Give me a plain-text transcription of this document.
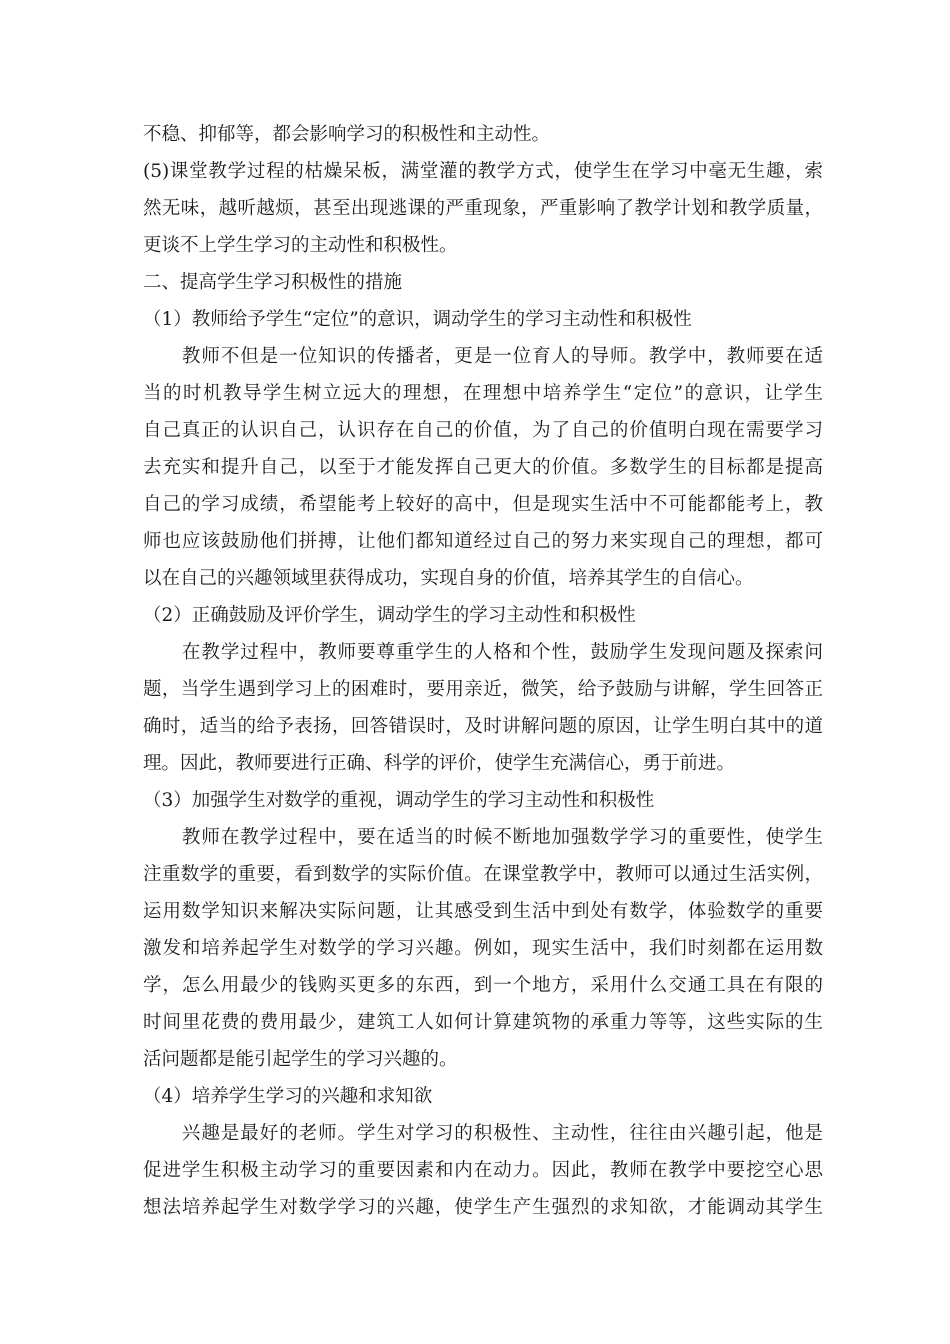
不稳、抑郁等，都会影响学习的积极性和主动性。
(5)课堂教学过程的枯燥呆板，满堂灌的教学方式，使学生在学习中毫无生趣，索
然无味，越听越烦，甚至出现逃课的严重现象，严重影响了教学计划和教学质量，
更谈不上学生学习的主动性和积极性。
二、提高学生学习积极性的措施
（1）教师给予学生“定位”的意识，调动学生的学习主动性和积极性
　　教师不但是一位知识的传播者，更是一位育人的导师。教学中，教师要在适
当的时机教导学生树立远大的理想，在理想中培养学生“定位”的意识，让学生
自己真正的认识自己，认识存在自己的价值，为了自己的价值明白现在需要学习
去充实和提升自己，以至于才能发挥自己更大的价值。多数学生的目标都是提高
自己的学习成绩，希望能考上较好的高中，但是现实生活中不可能都能考上，教
师也应该鼓励他们拼搏，让他们都知道经过自己的努力来实现自己的理想，都可
以在自己的兴趣领域里获得成功，实现自身的价值，培养其学生的自信心。
（2）正确鼓励及评价学生，调动学生的学习主动性和积极性
　　在教学过程中，教师要尊重学生的人格和个性，鼓励学生发现问题及探索问
题，当学生遇到学习上的困难时，要用亲近，微笑，给予鼓励与讲解，学生回答正
确时，适当的给予表扬，回答错误时，及时讲解问题的原因，让学生明白其中的道
理。因此，教师要进行正确、科学的评价，使学生充满信心，勇于前进。
（3）加强学生对数学的重视，调动学生的学习主动性和积极性
　　教师在教学过程中，要在适当的时候不断地加强数学学习的重要性，使学生
注重数学的重要，看到数学的实际价值。在课堂教学中，教师可以通过生活实例，
运用数学知识来解决实际问题，让其感受到生活中到处有数学，体验数学的重要
激发和培养起学生对数学的学习兴趣。例如，现实生活中，我们时刻都在运用数
学，怎么用最少的钱购买更多的东西，到一个地方，采用什么交通工具在有限的
时间里花费的费用最少，建筑工人如何计算建筑物的承重力等等，这些实际的生
活问题都是能引起学生的学习兴趣的。
（4）培养学生学习的兴趣和求知欲
　　兴趣是最好的老师。学生对学习的积极性、主动性，往往由兴趣引起，他是
促进学生积极主动学习的重要因素和内在动力。因此，教师在教学中要挖空心思
想法培养起学生对数学学习的兴趣，使学生产生强烈的求知欲，才能调动其学生
